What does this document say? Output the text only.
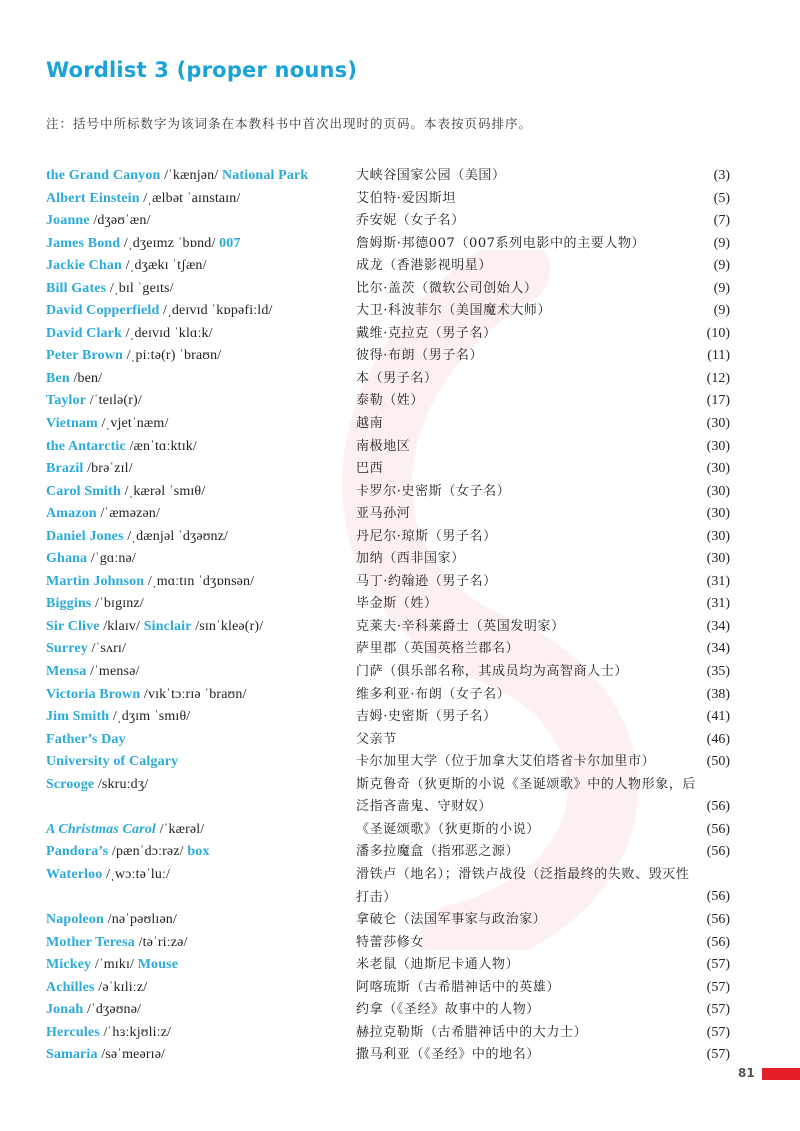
Wordlist 3 (proper nouns)
注：括号中所标数字为该词条在本教科书中首次出现时的页码。本表按页码排序。
the Grand Canyon /ˈkænjən/ National Park	大峡谷国家公园（美国）	(3)
Albert Einstein /ˌælbət ˈaɪnstaɪn/	艾伯特·爱因斯坦	(5)
Joanne /dʒəʊˈæn/	乔安妮（女子名）	(7)
James Bond /ˌdʒeɪmz ˈbɒnd/ 007	詹姆斯·邦德007（007系列电影中的主要人物）	(9)
Jackie Chan /ˌdʒækɪ ˈtʃæn/	成龙（香港影视明星）	(9)
Bill Gates /ˌbɪl ˈgeɪts/	比尔·盖茨（微软公司创始人）	(9)
David Copperfield /ˌdeɪvɪd ˈkɒpəfiːld/	大卫·科波菲尔（美国魔术大师）	(9)
David Clark /ˌdeɪvɪd ˈklɑːk/	戴维·克拉克（男子名）	(10)
Peter Brown /ˌpiːtə(r) ˈbraʊn/	彼得·布朗（男子名）	(11)
Ben /ben/	本（男子名）	(12)
Taylor /ˈteɪlə(r)/	泰勒（姓）	(17)
Vietnam /ˌvjetˈnæm/	越南	(30)
the Antarctic /ænˈtɑːktɪk/	南极地区	(30)
Brazil /brəˈzɪl/	巴西	(30)
Carol Smith /ˌkærəl ˈsmɪθ/	卡罗尔·史密斯（女子名）	(30)
Amazon /ˈæməzən/	亚马孙河	(30)
Daniel Jones /ˌdænjəl ˈdʒəʊnz/	丹尼尔·琼斯（男子名）	(30)
Ghana /ˈgɑːnə/	加纳（西非国家）	(30)
Martin Johnson /ˌmɑːtɪn ˈdʒɒnsən/	马丁·约翰逊（男子名）	(31)
Biggins /ˈbɪgɪnz/	毕金斯（姓）	(31)
Sir Clive /klaɪv/ Sinclair /sɪnˈkleə(r)/	克莱夫·辛科莱爵士（英国发明家）	(34)
Surrey /ˈsʌrɪ/	萨里郡（英国英格兰郡名）	(34)
Mensa /ˈmensə/	门萨（俱乐部名称，其成员均为高智商人士）	(35)
Victoria Brown /vɪkˈtɔːrɪə ˈbraʊn/	维多利亚·布朗（女子名）	(38)
Jim Smith /ˌdʒɪm ˈsmɪθ/	吉姆·史密斯（男子名）	(41)
Father’s Day	父亲节	(46)
University of Calgary	卡尔加里大学（位于加拿大艾伯塔省卡尔加里市）	(50)
Scrooge /skruːdʒ/	斯克鲁奇（狄更斯的小说《圣诞颂歌》中的人物形象，后泛指吝啬鬼、守财奴）	(56)
A Christmas Carol /ˈkærəl/	《圣诞颂歌》（狄更斯的小说）	(56)
Pandora’s /pænˈdɔːrəz/ box	潘多拉魔盒（指邪恶之源）	(56)
Waterloo /ˌwɔːtəˈluː/	滑铁卢（地名）；滑铁卢战役（泛指最终的失败、毁灭性打击）	(56)
Napoleon /nəˈpəʊlɪən/	拿破仑（法国军事家与政治家）	(56)
Mother Teresa /təˈriːzə/	特蕾莎修女	(56)
Mickey /ˈmɪkɪ/ Mouse	米老鼠（迪斯尼卡通人物）	(57)
Achilles /əˈkɪliːz/	阿喀琉斯（古希腊神话中的英雄）	(57)
Jonah /ˈdʒəʊnə/	约拿（《圣经》故事中的人物）	(57)
Hercules /ˈhɜːkjʊliːz/	赫拉克勒斯（古希腊神话中的大力士）	(57)
Samaria /səˈmeərɪə/	撒马利亚（《圣经》中的地名）	(57)
81
